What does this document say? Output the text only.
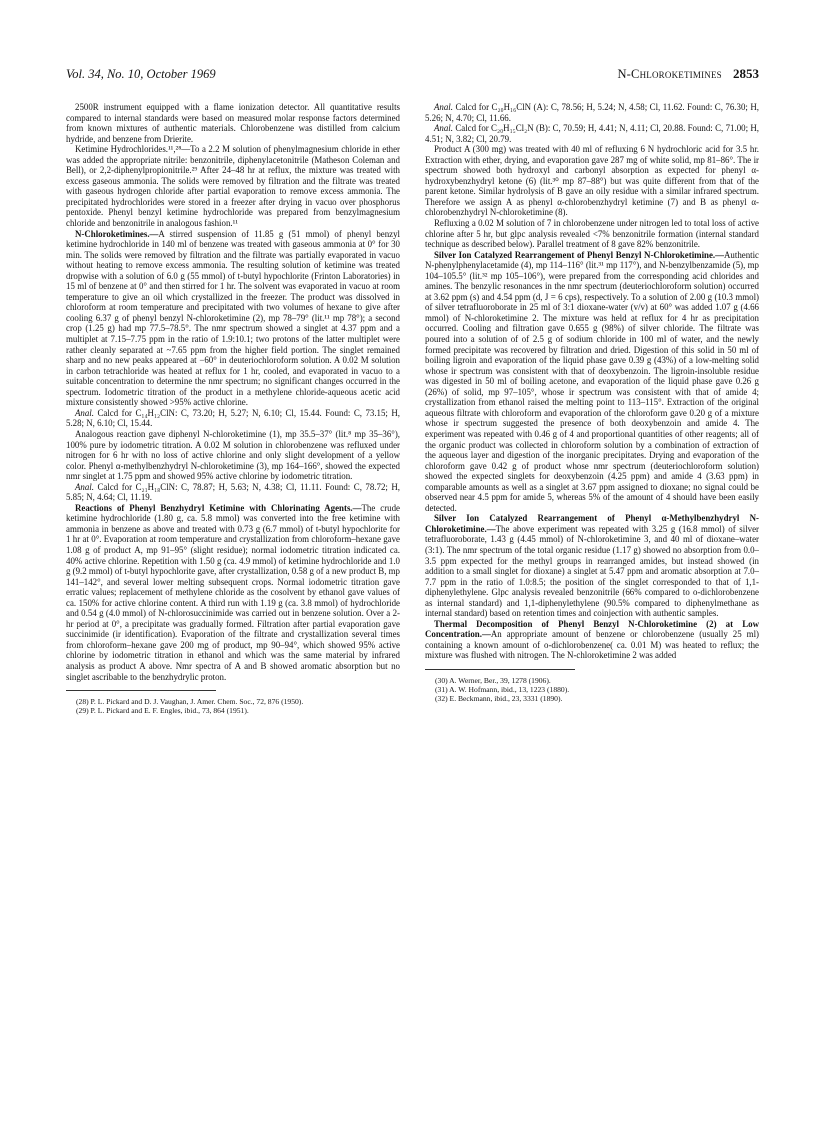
Vol. 34, No. 10, October 1969	N-Chloroketimines 2853

2500R instrument equipped with a flame ionization detector. All quantitative results compared to internal standards were based on measured molar response factors determined from known mixtures of authentic materials. Chlorobenzene was distilled from calcium hydride, and benzene from Drierite.

Ketimine Hydrochlorides.¹¹,²⁸—To a 2.2 M solution of phenylmagnesium chloride in ether was added the appropriate nitrile: benzonitrile, diphenylacetonitrile (Matheson Coleman and Bell), or 2,2-diphenylpropionitrile.²⁹ After 24–48 hr at reflux, the mixture was treated with excess gaseous ammonia. The solids were removed by filtration and the filtrate was treated with gaseous hydrogen chloride after partial evaporation to remove excess ammonia. The precipitated hydrochlorides were stored in a freezer after drying in vacuo over phosphorus pentoxide. Phenyl benzyl ketimine hydrochloride was prepared from benzylmagnesium chloride and benzonitrile in analogous fashion.¹¹

N-Chloroketimines.—A stirred suspension of 11.85 g (51 mmol) of phenyl benzyl ketimine hydrochloride in 140 ml of benzene was treated with gaseous ammonia at 0° for 30 min. The solids were removed by filtration and the filtrate was partially evaporated in vacuo without heating to remove excess ammonia. The resulting solution of ketimine was treated dropwise with a solution of 6.0 g (55 mmol) of t-butyl hypochlorite (Frinton Laboratories) in 15 ml of benzene at 0° and then stirred for 1 hr. The solvent was evaporated in vacuo at room temperature to give an oil which crystallized in the freezer. The product was dissolved in chloroform at room temperature and precipitated with two volumes of hexane to give after cooling 6.37 g of phenyl benzyl N-chloroketimine (2), mp 78–79° (lit.¹¹ mp 78°); a second crop (1.25 g) had mp 77.5–78.5°. The nmr spectrum showed a singlet at 4.37 ppm and a multiplet at 7.15–7.75 ppm in the ratio of 1.9:10.1; two protons of the latter multiplet were rather cleanly separated at ~7.65 ppm from the higher field portion. The singlet remained sharp and no new peaks appeared at −60° in deuteriochloroform solution. A 0.02 M solution in carbon tetrachloride was heated at reflux for 1 hr, cooled, and evaporated in vacuo to a suitable concentration to determine the nmr spectrum; no significant changes occurred in the spectrum. Iodometric titration of the product in a methylene chloride-aqueous acetic acid mixture consistently showed >95% active chlorine.

Anal. Calcd for C₁₄H₁₂ClN: C, 73.20; H, 5.27; N, 6.10; Cl, 15.44. Found: C, 73.15; H, 5.28; N, 6.10; Cl, 15.44.

Analogous reaction gave diphenyl N-chloroketimine (1), mp 35.5–37° (lit.⁸ mp 35–36°), 100% pure by iodometric titration. A 0.02 M solution in chlorobenzene was refluxed under nitrogen for 6 hr with no loss of active chlorine and only slight development of a yellow color. Phenyl α-methylbenzhydryl N-chloroketimine (3), mp 164–166°, showed the expected nmr singlet at 1.75 ppm and showed 95% active chlorine by iodometric titration.

Anal. Calcd for C₂₁H₁₈ClN: C, 78.87; H, 5.63; N, 4.38; Cl, 11.11. Found: C, 78.72; H, 5.85; N, 4.64; Cl, 11.19.

Reactions of Phenyl Benzhydryl Ketimine with Chlorinating Agents.—The crude ketimine hydrochloride (1.80 g, ca. 5.8 mmol) was converted into the free ketimine with ammonia in benzene as above and treated with 0.73 g (6.7 mmol) of t-butyl hypochlorite for 1 hr at 0°. Evaporation at room temperature and crystallization from chloroform–hexane gave 1.08 g of product A, mp 91–95° (slight residue); normal iodometric titration indicated ca. 40% active chlorine. Repetition with 1.50 g (ca. 4.9 mmol) of ketimine hydrochloride and 1.0 g (9.2 mmol) of t-butyl hypochlorite gave, after crystallization, 0.58 g of a new product B, mp 141–142°, and several lower melting subsequent crops. Normal iodometric titration gave erratic values; replacement of methylene chloride as the cosolvent by ethanol gave values of ca. 150% for active chlorine content. A third run with 1.19 g (ca. 3.8 mmol) of hydrochloride and 0.54 g (4.0 mmol) of N-chlorosuccinimide was carried out in benzene solution. Over a 2-hr period at 0°, a precipitate was gradually formed. Filtration after partial evaporation gave succinimide (ir identification). Evaporation of the filtrate and crystallization several times from chloroform–hexane gave 200 mg of product, mp 90–94°, which showed 95% active chlorine by iodometric titration in ethanol and which was the same material by infrared analysis as product A above. Nmr spectra of A and B showed aromatic absorption but no singlet ascribable to the benzhydrylic proton.

(28) P. L. Pickard and D. J. Vaughan, J. Amer. Chem. Soc., 72, 876 (1950).
(29) P. L. Pickard and E. F. Engles, ibid., 73, 864 (1951).

Anal. Calcd for C₂₀H₁₆ClN (A): C, 78.56; H, 5.24; N, 4.58; Cl, 11.62. Found: C, 76.30; H, 5.26; N, 4.70; Cl, 11.66.

Anal. Calcd for C₂₀H₁₅Cl₂N (B): C, 70.59; H, 4.41; N, 4.11; Cl, 20.88. Found: C, 71.00; H, 4.51; N, 3.82; Cl, 20.79.

Product A (300 mg) was treated with 40 ml of refluxing 6 N hydrochloric acid for 3.5 hr. Extraction with ether, drying, and evaporation gave 287 mg of white solid, mp 81–86°. The ir spectrum showed both hydroxyl and carbonyl absorption as expected for phenyl α-hydroxybenzhydryl ketone (6) (lit.³⁰ mp 87–88°) but was quite different from that of the parent ketone. Similar hydrolysis of B gave an oily residue with a similar infrared spectrum. Therefore we assign A as phenyl α-chlorobenzhydryl ketimine (7) and B as phenyl α-chlorobenzhydryl N-chloroketimine (8).

Refluxing a 0.02 M solution of 7 in chlorobenzene under nitrogen led to total loss of active chlorine after 5 hr, but glpc analysis revealed <7% benzonitrile formation (internal standard technique as described below). Parallel treatment of 8 gave 82% benzonitrile.

Silver Ion Catalyzed Rearrangement of Phenyl Benzyl N-Chloroketimine.—Authentic N-phenylphenylacetamide (4), mp 114–116° (lit.³¹ mp 117°), and N-benzylbenzamide (5), mp 104–105.5° (lit.³² mp 105–106°), were prepared from the corresponding acid chlorides and amines. The benzylic resonances in the nmr spectrum (deuteriochloroform solution) occurred at 3.62 ppm (s) and 4.54 ppm (d, J = 6 cps), respectively. To a solution of 2.00 g (10.3 mmol) of silver tetrafluoroborate in 25 ml of 3:1 dioxane-water (v/v) at 60° was added 1.07 g (4.66 mmol) of N-chloroketimine 2. The mixture was held at reflux for 4 hr as precipitation occurred. Cooling and filtration gave 0.655 g (98%) of silver chloride. The filtrate was poured into a solution of of 2.5 g of sodium chloride in 100 ml of water, and the newly formed precipitate was recovered by filtration and dried. Digestion of this solid in 50 ml of boiling ligroin and evaporation of the liquid phase gave 0.39 g (43%) of a low-melting solid whose ir spectrum was consistent with that of deoxybenzoin. The ligroin-insoluble residue was digested in 50 ml of boiling acetone, and evaporation of the liquid phase gave 0.26 g (26%) of solid, mp 97–105°, whose ir spectrum was consistent with that of amide 4; crystallization from ethanol raised the melting point to 113–115°. Extraction of the original aqueous filtrate with chloroform and evaporation of the chloroform gave 0.20 g of a mixture whose ir spectrum suggested the presence of both deoxybenzoin and amide 4. The experiment was repeated with 0.46 g of 4 and proportional quantities of other reagents; all of the organic product was collected in chloroform solution by a combination of extraction of the aqueous layer and digestion of the inorganic precipitates. Drying and evaporation of the chloroform gave 0.42 g of product whose nmr spectrum (deuteriochloroform solution) showed the expected singlets for deoxybenzoin (4.25 ppm) and amide 4 (3.63 ppm) in comparable amounts as well as a singlet at 3.67 ppm assigned to dioxane; no signal could be observed near 4.5 ppm for amide 5, whereas 5% of the amount of 4 should have been easily detected.

Silver Ion Catalyzed Rearrangement of Phenyl α-Methylbenzhydryl N-Chloroketimine.—The above experiment was repeated with 3.25 g (16.8 mmol) of silver tetrafluoroborate, 1.43 g (4.45 mmol) of N-chloroketimine 3, and 40 ml of dioxane–water (3:1). The nmr spectrum of the total organic residue (1.17 g) showed no absorption from 0.0–3.5 ppm expected for the methyl groups in rearranged amides, but instead showed (in addition to a small singlet for dioxane) a singlet at 5.47 ppm and aromatic absorption at 7.0–7.7 ppm in the ratio of 1.0:8.5; the position of the singlet corresponded to that of 1,1-diphenylethylene. Glpc analysis revealed benzonitrile (66% compared to o-dichlorobenzene as internal standard) and 1,1-diphenylethylene (90.5% compared to diphenylmethane as internal standard) based on retention times and coinjection with authentic samples.

Thermal Decomposition of Phenyl Benzyl N-Chloroketimine (2) at Low Concentration.—An appropriate amount of benzene or chlorobenzene (usually 25 ml) containing a known amount of o-dichlorobenzene( ca. 0.01 M) was heated to reflux; the mixture was flushed with nitrogen. The N-chloroketimine 2 was added

(30) A. Werner, Ber., 39, 1278 (1906).
(31) A. W. Hofmann, ibid., 13, 1223 (1880).
(32) E. Beckmann, ibid., 23, 3331 (1890).
